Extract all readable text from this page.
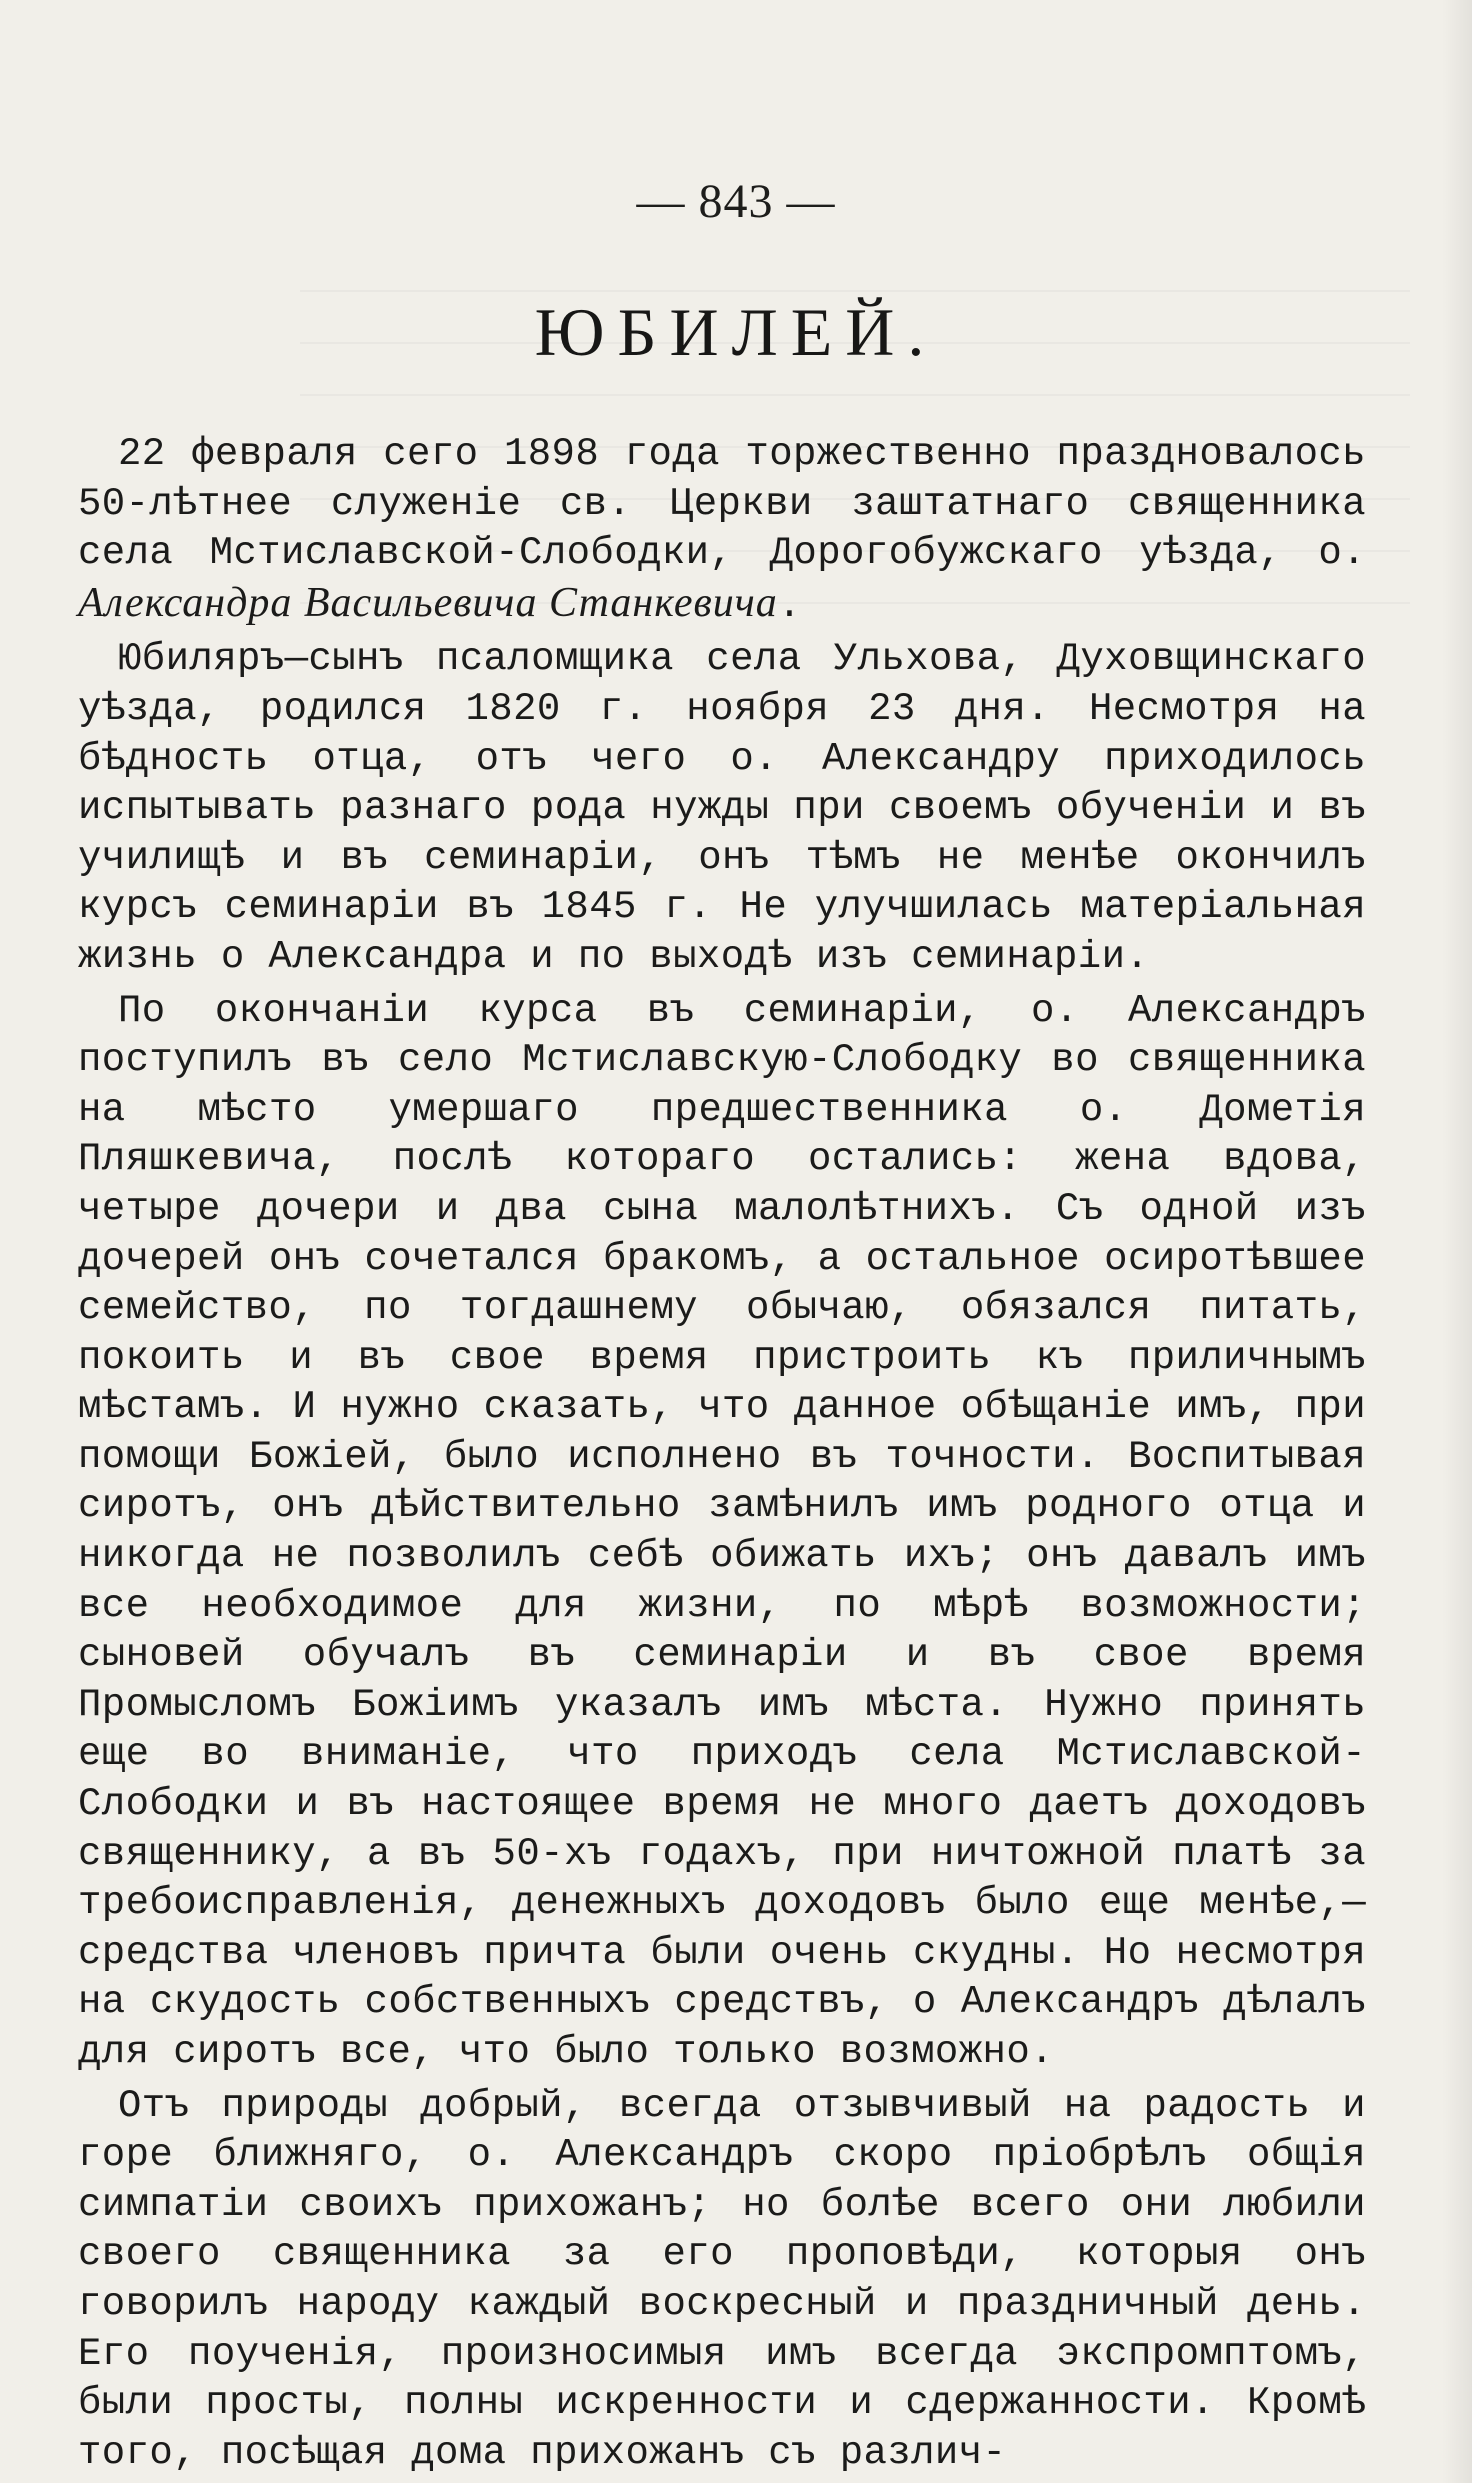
— 843 —
ЮБИЛЕЙ.

22 февраля сего 1898 года торжественно праздновалось 50-лѣтнее служеніе св. Церкви заштатнаго священника села Мстиславской-Слободки, Дорогобужскаго уѣзда, о. Александра Васильевича Станкевича.

Юбиляръ—сынъ псаломщика села Ульхова, Духовщинскаго уѣзда, родился 1820 г. ноября 23 дня. Несмотря на бѣдность отца, отъ чего о. Александру приходилось испытывать разнаго рода нужды при своемъ обученіи и въ училищѣ и въ семинаріи, онъ тѣмъ не менѣе окончилъ курсъ семинаріи въ 1845 г. Не улучшилась матеріальная жизнь о Александра и по выходѣ изъ семинаріи.

По окончаніи курса въ семинаріи, о. Александръ поступилъ въ село Мстиславскую-Слободку во священника на мѣсто умершаго предшественника о. Дометія Пляшкевича, послѣ котораго остались: жена вдова, четыре дочери и два сына малолѣтнихъ. Съ одной изъ дочерей онъ сочетался бракомъ, а остальное осиротѣвшее семейство, по тогдашнему обычаю, обязался питать, покоить и въ свое время пристроить къ приличнымъ мѣстамъ. И нужно сказать, что данное обѣщаніе имъ, при помощи Божіей, было исполнено въ точности. Воспитывая сиротъ, онъ дѣйствительно замѣнилъ имъ родного отца и никогда не позволилъ себѣ обижать ихъ; онъ давалъ имъ все необходимое для жизни, по мѣрѣ возможности; сыновей обучалъ въ семинаріи и въ свое время Промысломъ Божіимъ указалъ имъ мѣста. Нужно принять еще во вниманіе, что приходъ села Мстиславской-Слободки и въ настоящее время не много даетъ доходовъ священнику, а въ 50-хъ годахъ, при ничтожной платѣ за требоисправленія, денежныхъ доходовъ было еще менѣе,—средства членовъ причта были очень скудны. Но несмотря на скудость собственныхъ средствъ, о Александръ дѣлалъ для сиротъ все, что было только возможно.

Отъ природы добрый, всегда отзывчивый на радость и горе ближняго, о. Александръ скоро пріобрѣлъ общія симпатіи своихъ прихожанъ; но болѣе всего они любили своего священника за его проповѣди, которыя онъ говорилъ народу каждый воскресный и праздничный день. Его поученія, произносимыя имъ всегда экспромптомъ, были просты, полны искренности и сдержанности. Кромѣ того, посѣщая дома прихожанъ съ различ-
